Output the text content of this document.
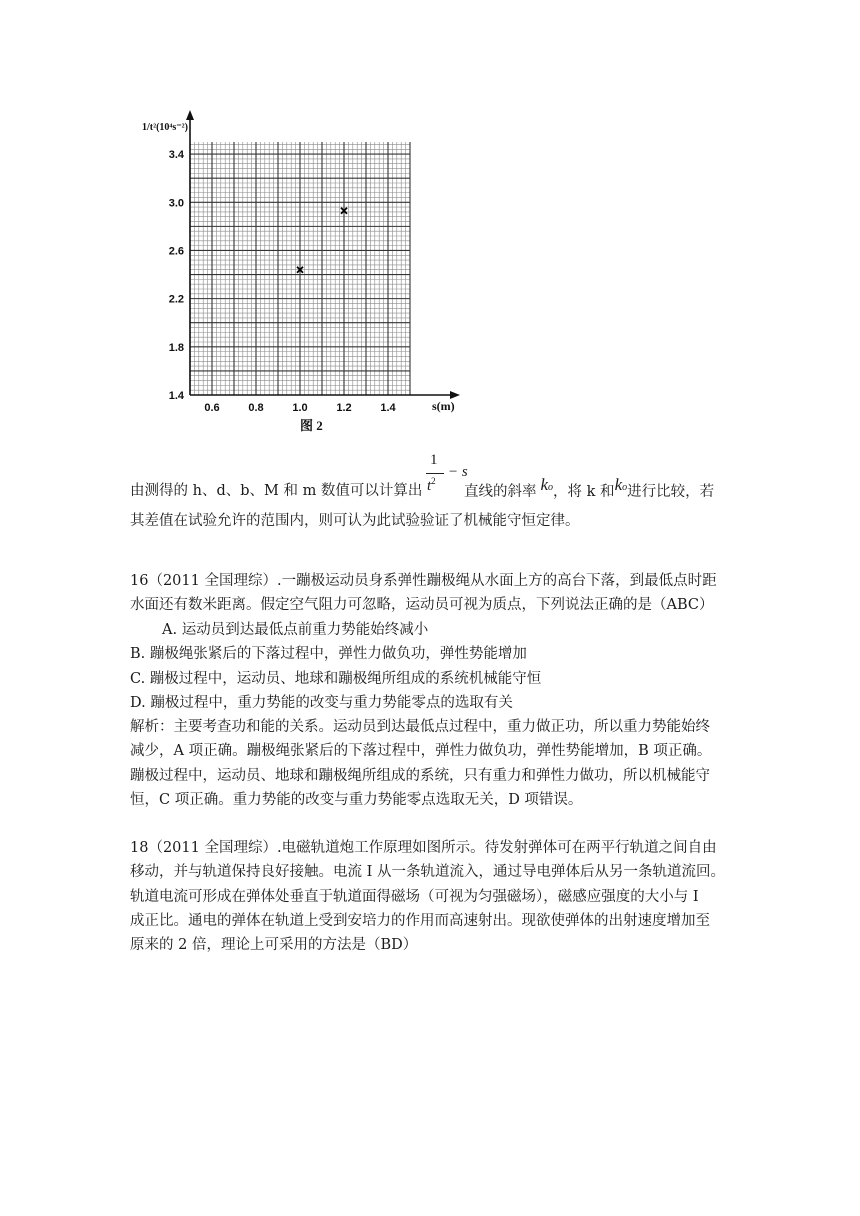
0.6	0.8	1.0	1.2	1.4
1.4
1.8
2.2
2.6
3.0
3.4
1/t²(10⁴s⁻²)
s(m)
图 2
由测得的 h、d、b、M 和 m 数值可以计算出
1
$t^2$
− s
直线的斜率 ko，将 k 和ko进行比较，若
其差值在试验允许的范围内，则可认为此试验验证了机械能守恒定律。
16（2011 全国理综）.一蹦极运动员身系弹性蹦极绳从水面上方的高台下落，到最低点时距
水面还有数米距离。假定空气阻力可忽略，运动员可视为质点，下列说法正确的是（ABC）
A. 运动员到达最低点前重力势能始终减小
B. 蹦极绳张紧后的下落过程中，弹性力做负功，弹性势能增加
C. 蹦极过程中，运动员、地球和蹦极绳所组成的系统机械能守恒
D. 蹦极过程中，重力势能的改变与重力势能零点的选取有关
解析：主要考查功和能的关系。运动员到达最低点过程中，重力做正功，所以重力势能始终
减少，A 项正确。蹦极绳张紧后的下落过程中，弹性力做负功，弹性势能增加，B 项正确。
蹦极过程中，运动员、地球和蹦极绳所组成的系统，只有重力和弹性力做功，所以机械能守
恒，C 项正确。重力势能的改变与重力势能零点选取无关，D 项错误。
18（2011 全国理综）.电磁轨道炮工作原理如图所示。待发射弹体可在两平行轨道之间自由
移动，并与轨道保持良好接触。电流 I 从一条轨道流入，通过导电弹体后从另一条轨道流回。
轨道电流可形成在弹体处垂直于轨道面得磁场（可视为匀强磁场），磁感应强度的大小与 I
成正比。通电的弹体在轨道上受到安培力的作用而高速射出。现欲使弹体的出射速度增加至
原来的 2 倍，理论上可采用的方法是（BD）
